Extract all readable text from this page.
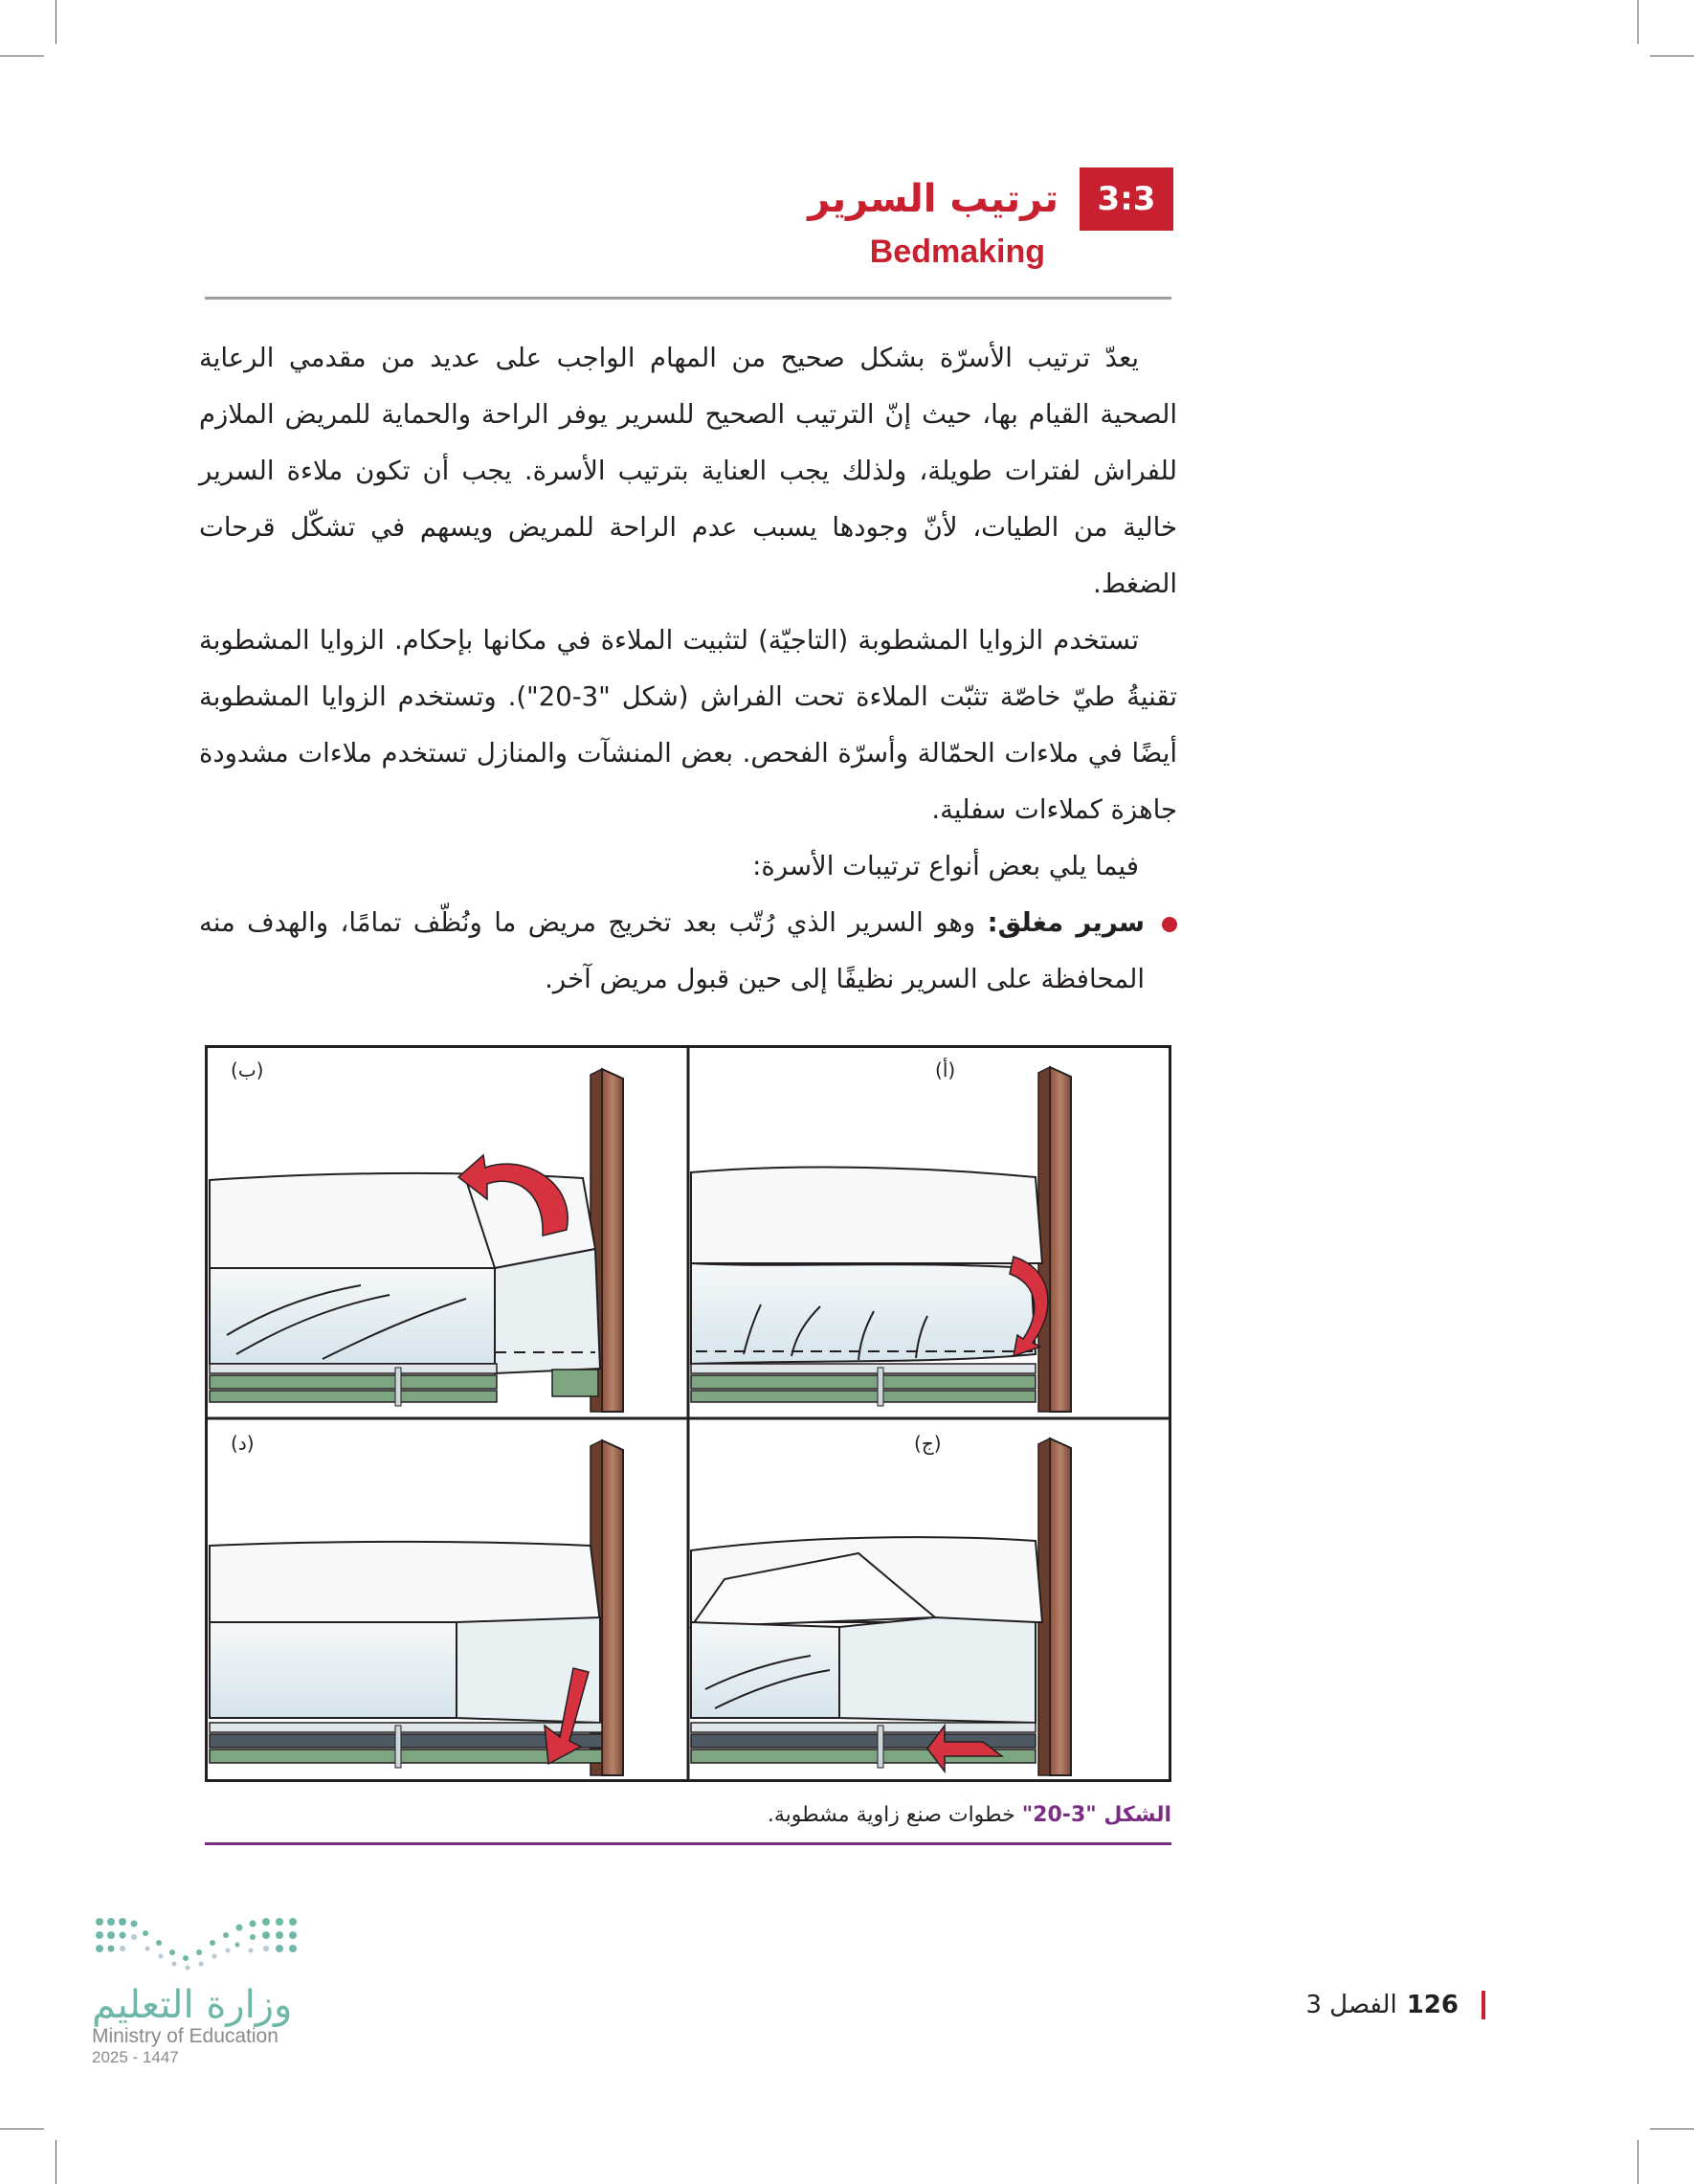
ترتيب السرير	3:3
Bedmaking

يعدّ ترتيب الأسرّة بشكل صحيح من المهام الواجب على عديد من مقدمي الرعاية الصحية القيام بها، حيث إنّ الترتيب الصحيح للسرير يوفر الراحة والحماية للمريض الملازم للفراش لفترات طويلة، ولذلك يجب العناية بترتيب الأسرة. يجب أن تكون ملاءة السرير خالية من الطيات، لأنّ وجودها يسبب عدم الراحة للمريض ويسهم في تشكّل قرحات الضغط.

تستخدم الزوايا المشطوبة (التاجيّة) لتثبيت الملاءة في مكانها بإحكام. الزوايا المشطوبة تقنيةُ طيّ خاصّة تثبّت الملاءة تحت الفراش (شكل "3-20"). وتستخدم الزوايا المشطوبة أيضًا في ملاءات الحمّالة وأسرّة الفحص. بعض المنشآت والمنازل تستخدم ملاءات مشدودة جاهزة كملاءات سفلية.

فيما يلي بعض أنواع ترتيبات الأسرة:

سرير مغلق: وهو السرير الذي رُتّب بعد تخريج مريض ما ونُظّف تمامًا، والهدف منه المحافظة على السرير نظيفًا إلى حين قبول مريض آخر.
(أ)
(ب)
(ج)
(د)
الشكل "3-20" خطوات صنع زاوية مشطوبة.
وزارة التعليم
Ministry of Education
2025 - 1447
126
الفصل 3
